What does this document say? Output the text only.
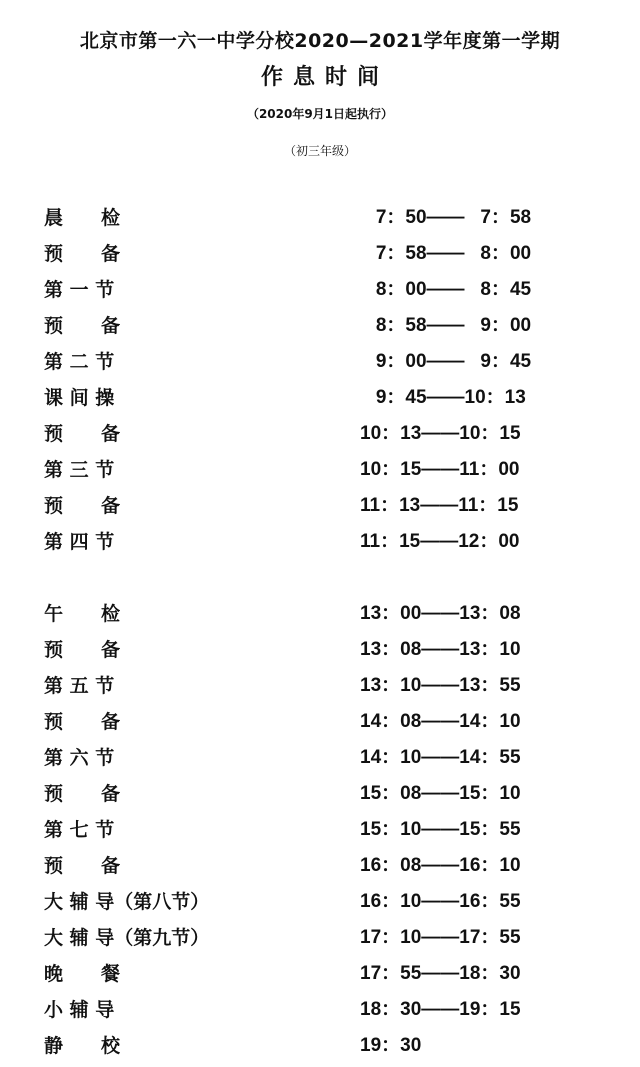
北京市第一六一中学分校2020—2021学年度第一学期
作息时间
（2020年9月1日起执行）
（初三年级）
晨　　检	7：50——   7：58
预　　备	7：58——   8：00
第 一 节	8：00——   8：45
预　　备	8：58——   9：00
第 二 节	9：00——   9：45
课 间 操	9：45——10：13
预　　备	10：13——10：15
第 三 节	10：15——11：00
预　　备	11：13——11：15
第 四 节	11：15——12：00
午　　检	13：00——13：08
预　　备	13：08——13：10
第 五 节	13：10——13：55
预　　备	14：08——14：10
第 六 节	14：10——14：55
预　　备	15：08——15：10
第 七 节	15：10——15：55
预　　备	16：08——16：10
大 辅 导（第八节）	16：10——16：55
大 辅 导（第九节）	17：10——17：55
晚　　餐	17：55——18：30
小 辅 导	18：30——19：15
静　　校	19：30
